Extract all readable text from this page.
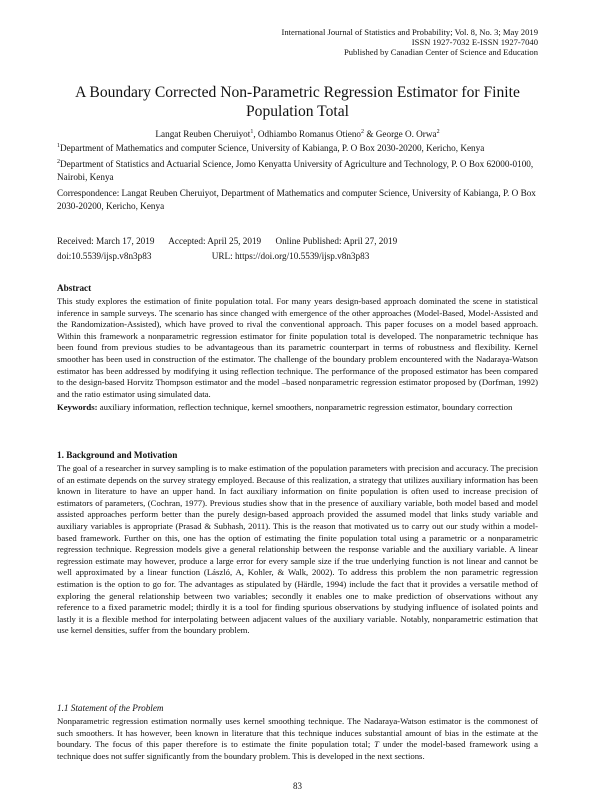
International Journal of Statistics and Probability; Vol. 8, No. 3; May 2019
ISSN 1927-7032 E-ISSN 1927-7040
Published by Canadian Center of Science and Education
A Boundary Corrected Non-Parametric Regression Estimator for Finite
Population Total
Langat Reuben Cheruiyot$^1$, Odhiambo Romanus Otieno$^2$ & George O. Orwa$^2$

$^1$Department of Mathematics and computer Science, University of Kabianga, P. O Box 2030-20200, Kericho, Kenya

$^2$Department of Statistics and Actuarial Science, Jomo Kenyatta University of Agriculture and Technology, P. O Box 62000-0100, Nairobi, Kenya

Correspondence: Langat Reuben Cheruiyot, Department of Mathematics and computer Science, University of Kabianga, P. O Box 2030-20200, Kericho, Kenya

Received: March 17, 2019 Accepted: April 25, 2019 Online Published: April 27, 2019
doi:10.5539/ijsp.v8n3p83	URL: https://doi.org/10.5539/ijsp.v8n3p83
Abstract

This study explores the estimation of finite population total. For many years design-based approach dominated the scene in statistical inference in sample surveys. The scenario has since changed with emergence of the other approaches (Model-Based, Model-Assisted and the Randomization-Assisted), which have proved to rival the conventional approach. This paper focuses on a model based approach. Within this framework a nonparametric regression estimator for finite population total is developed. The nonparametric technique has been found from previous studies to be advantageous than its parametric counterpart in terms of robustness and flexibility. Kernel smoother has been used in construction of the estimator. The challenge of the boundary problem encountered with the Nadaraya-Watson estimator has been addressed by modifying it using reflection technique. The performance of the proposed estimator has been compared to the design-based Horvitz Thompson estimator and the model –based nonparametric regression estimator proposed by (Dorfman, 1992) and the ratio estimator using simulated data.

Keywords: auxiliary information, reflection technique, kernel smoothers, nonparametric regression estimator, boundary correction

1. Background and Motivation

The goal of a researcher in survey sampling is to make estimation of the population parameters with precision and accuracy. The precision of an estimate depends on the survey strategy employed. Because of this realization, a strategy that utilizes auxiliary information has been known in literature to have an upper hand. In fact auxiliary information on finite population is often used to increase precision of estimators of parameters, (Cochran, 1977). Previous studies show that in the presence of auxiliary variable, both model based and model assisted approaches perform better than the purely design-based approach provided the assumed model that links study variable and auxiliary variables is appropriate (Prasad & Subhash, 2011). This is the reason that motivated us to carry out our study within a model- based framework. Further on this, one has the option of estimating the finite population total using a parametric or a nonparametric regression technique. Regression models give a general relationship between the response variable and the auxiliary variable. A linear regression estimate may however, produce a large error for every sample size if the true underlying function is not linear and cannot be well approximated by a linear function (László, A, Kohler, & Walk, 2002). To address this problem the non parametric regression estimation is the option to go for. The advantages as stipulated by (Härdle, 1994) include the fact that it provides a versatile method of exploring the general relationship between two variables; secondly it enables one to make prediction of observations without any reference to a fixed parametric model; thirdly it is a tool for finding spurious observations by studying influence of isolated points and lastly it is a flexible method for interpolating between adjacent values of the auxiliary variable. Notably, nonparametric estimation that use kernel densities, suffer from the boundary problem.

1.1 Statement of the Problem

Nonparametric regression estimation normally uses kernel smoothing technique. The Nadaraya-Watson estimator is the commonest of such smoothers. It has however, been known in literature that this technique induces substantial amount of bias in the estimate at the boundary. The focus of this paper therefore is to estimate the finite population total; T under the model-based framework using a technique does not suffer significantly from the boundary problem. This is developed in the next sections.

83
